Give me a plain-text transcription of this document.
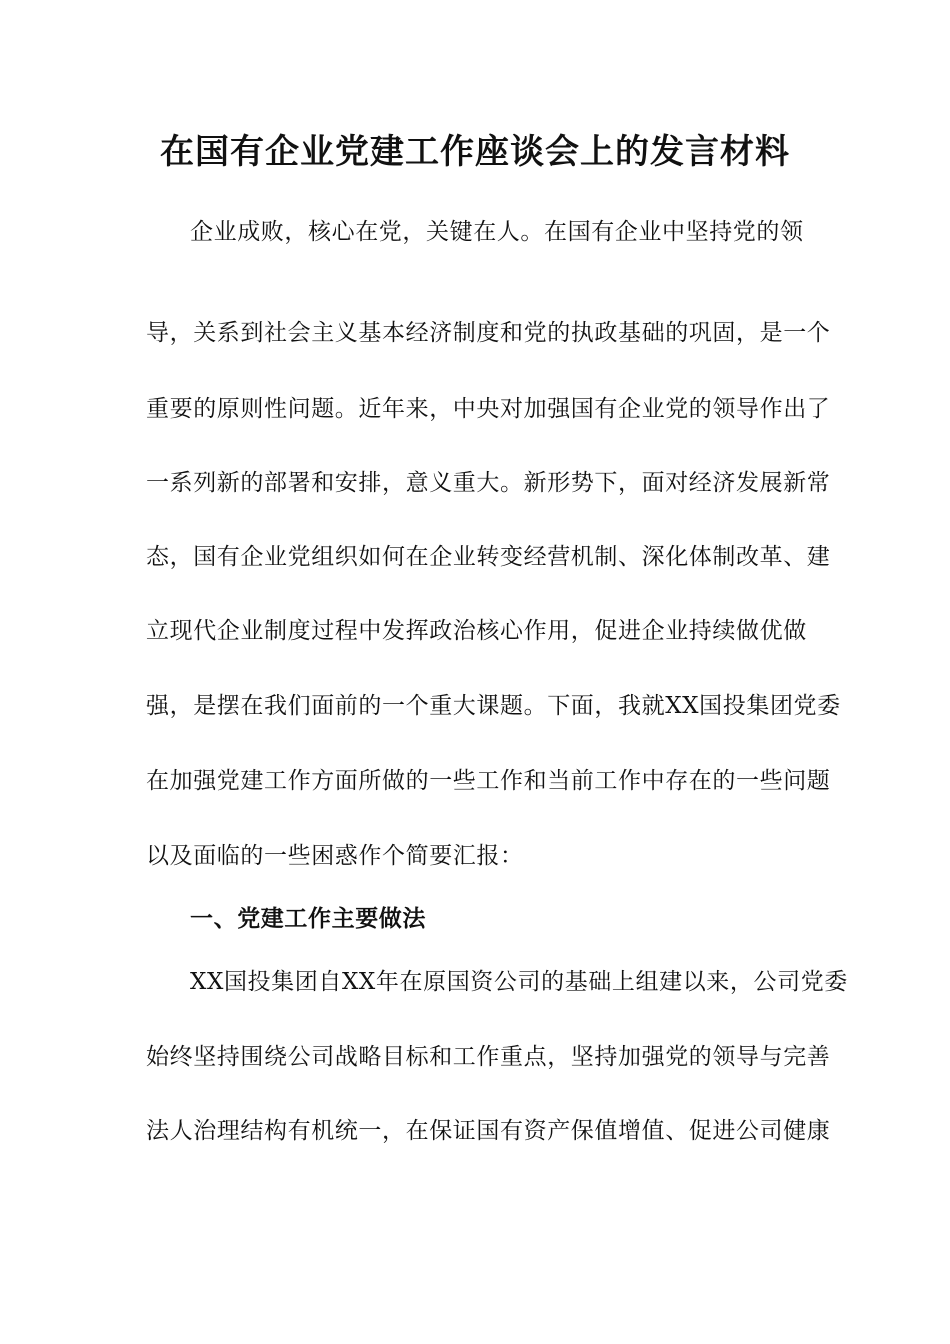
在国有企业党建工作座谈会上的发言材料
企业成败，核心在党，关键在人。在国有企业中坚持党的领
导，关系到社会主义基本经济制度和党的执政基础的巩固，是一个
重要的原则性问题。近年来，中央对加强国有企业党的领导作出了
一系列新的部署和安排，意义重大。新形势下，面对经济发展新常
态，国有企业党组织如何在企业转变经营机制、深化体制改革、建
立现代企业制度过程中发挥政治核心作用，促进企业持续做优做
强，是摆在我们面前的一个重大课题。下面，我就XX国投集团党委
在加强党建工作方面所做的一些工作和当前工作中存在的一些问题
以及面临的一些困惑作个简要汇报：
一、党建工作主要做法
XX国投集团自XX年在原国资公司的基础上组建以来，公司党委
始终坚持围绕公司战略目标和工作重点，坚持加强党的领导与完善
法人治理结构有机统一，在保证国有资产保值增值、促进公司健康
